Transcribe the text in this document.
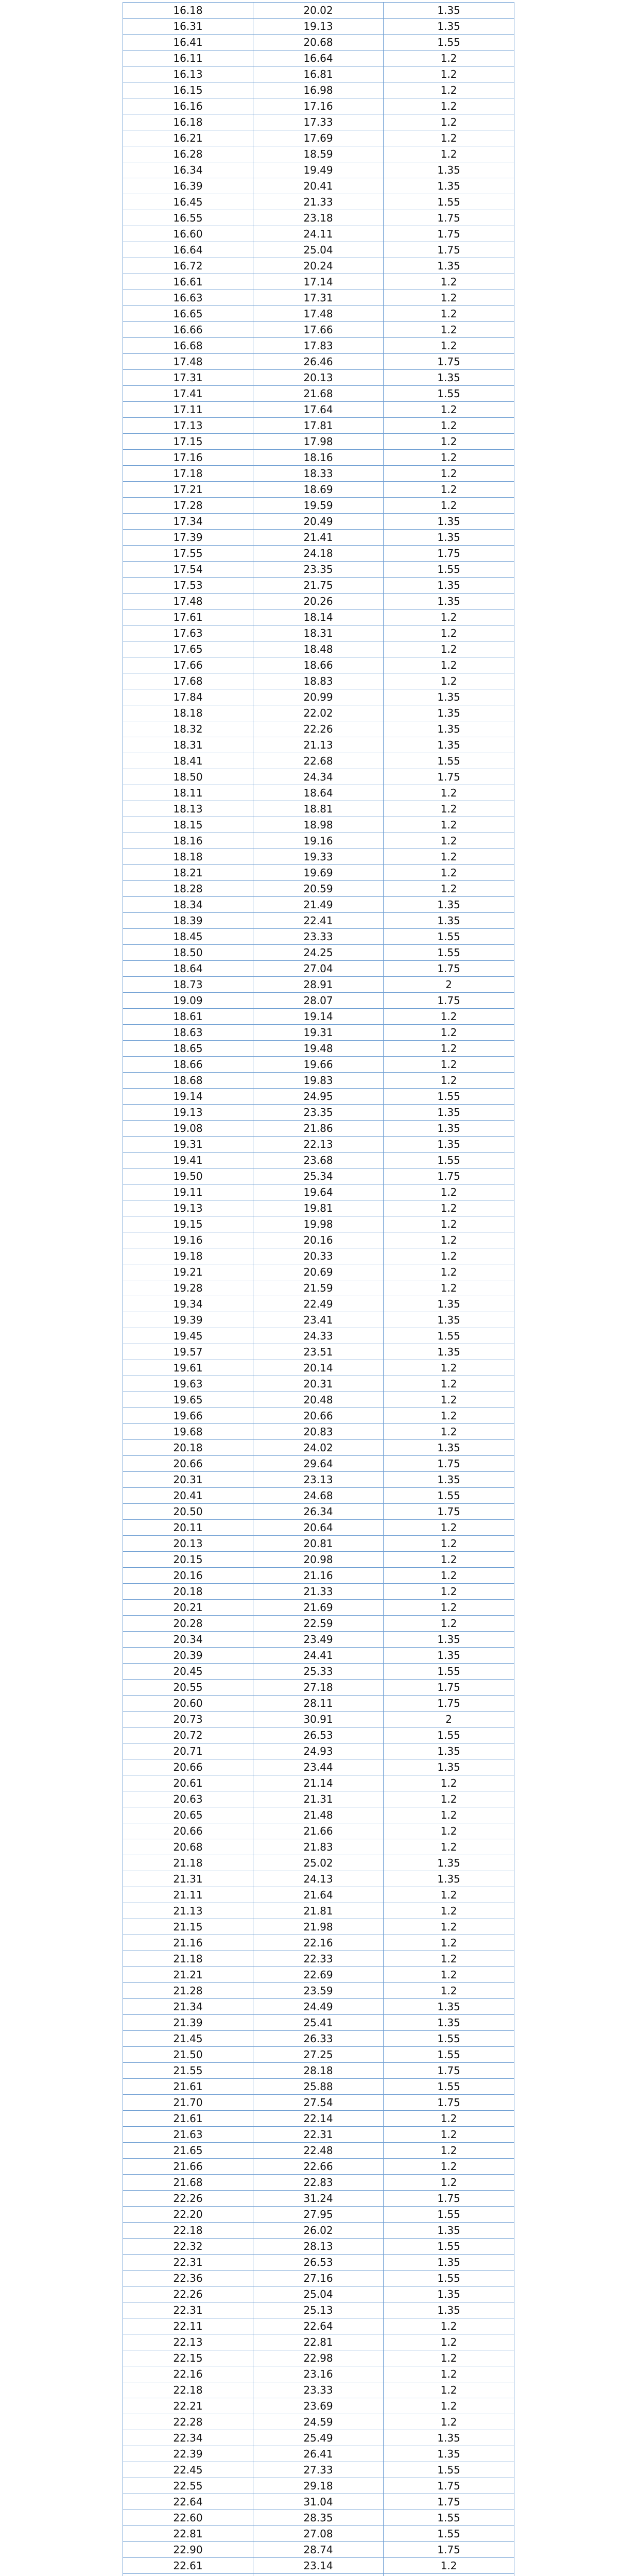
16.18	20.02	1.35
16.31	19.13	1.35
16.41	20.68	1.55
16.11	16.64	1.2
16.13	16.81	1.2
16.15	16.98	1.2
16.16	17.16	1.2
16.18	17.33	1.2
16.21	17.69	1.2
16.28	18.59	1.2
16.34	19.49	1.35
16.39	20.41	1.35
16.45	21.33	1.55
16.55	23.18	1.75
16.60	24.11	1.75
16.64	25.04	1.75
16.72	20.24	1.35
16.61	17.14	1.2
16.63	17.31	1.2
16.65	17.48	1.2
16.66	17.66	1.2
16.68	17.83	1.2
17.48	26.46	1.75
17.31	20.13	1.35
17.41	21.68	1.55
17.11	17.64	1.2
17.13	17.81	1.2
17.15	17.98	1.2
17.16	18.16	1.2
17.18	18.33	1.2
17.21	18.69	1.2
17.28	19.59	1.2
17.34	20.49	1.35
17.39	21.41	1.35
17.55	24.18	1.75
17.54	23.35	1.55
17.53	21.75	1.35
17.48	20.26	1.35
17.61	18.14	1.2
17.63	18.31	1.2
17.65	18.48	1.2
17.66	18.66	1.2
17.68	18.83	1.2
17.84	20.99	1.35
18.18	22.02	1.35
18.32	22.26	1.35
18.31	21.13	1.35
18.41	22.68	1.55
18.50	24.34	1.75
18.11	18.64	1.2
18.13	18.81	1.2
18.15	18.98	1.2
18.16	19.16	1.2
18.18	19.33	1.2
18.21	19.69	1.2
18.28	20.59	1.2
18.34	21.49	1.35
18.39	22.41	1.35
18.45	23.33	1.55
18.50	24.25	1.55
18.64	27.04	1.75
18.73	28.91	2
19.09	28.07	1.75
18.61	19.14	1.2
18.63	19.31	1.2
18.65	19.48	1.2
18.66	19.66	1.2
18.68	19.83	1.2
19.14	24.95	1.55
19.13	23.35	1.35
19.08	21.86	1.35
19.31	22.13	1.35
19.41	23.68	1.55
19.50	25.34	1.75
19.11	19.64	1.2
19.13	19.81	1.2
19.15	19.98	1.2
19.16	20.16	1.2
19.18	20.33	1.2
19.21	20.69	1.2
19.28	21.59	1.2
19.34	22.49	1.35
19.39	23.41	1.35
19.45	24.33	1.55
19.57	23.51	1.35
19.61	20.14	1.2
19.63	20.31	1.2
19.65	20.48	1.2
19.66	20.66	1.2
19.68	20.83	1.2
20.18	24.02	1.35
20.66	29.64	1.75
20.31	23.13	1.35
20.41	24.68	1.55
20.50	26.34	1.75
20.11	20.64	1.2
20.13	20.81	1.2
20.15	20.98	1.2
20.16	21.16	1.2
20.18	21.33	1.2
20.21	21.69	1.2
20.28	22.59	1.2
20.34	23.49	1.35
20.39	24.41	1.35
20.45	25.33	1.55
20.55	27.18	1.75
20.60	28.11	1.75
20.73	30.91	2
20.72	26.53	1.55
20.71	24.93	1.35
20.66	23.44	1.35
20.61	21.14	1.2
20.63	21.31	1.2
20.65	21.48	1.2
20.66	21.66	1.2
20.68	21.83	1.2
21.18	25.02	1.35
21.31	24.13	1.35
21.11	21.64	1.2
21.13	21.81	1.2
21.15	21.98	1.2
21.16	22.16	1.2
21.18	22.33	1.2
21.21	22.69	1.2
21.28	23.59	1.2
21.34	24.49	1.35
21.39	25.41	1.35
21.45	26.33	1.55
21.50	27.25	1.55
21.55	28.18	1.75
21.61	25.88	1.55
21.70	27.54	1.75
21.61	22.14	1.2
21.63	22.31	1.2
21.65	22.48	1.2
21.66	22.66	1.2
21.68	22.83	1.2
22.26	31.24	1.75
22.20	27.95	1.55
22.18	26.02	1.35
22.32	28.13	1.55
22.31	26.53	1.35
22.36	27.16	1.55
22.26	25.04	1.35
22.31	25.13	1.35
22.11	22.64	1.2
22.13	22.81	1.2
22.15	22.98	1.2
22.16	23.16	1.2
22.18	23.33	1.2
22.21	23.69	1.2
22.28	24.59	1.2
22.34	25.49	1.35
22.39	26.41	1.35
22.45	27.33	1.55
22.55	29.18	1.75
22.64	31.04	1.75
22.60	28.35	1.55
22.81	27.08	1.55
22.90	28.74	1.75
22.61	23.14	1.2
